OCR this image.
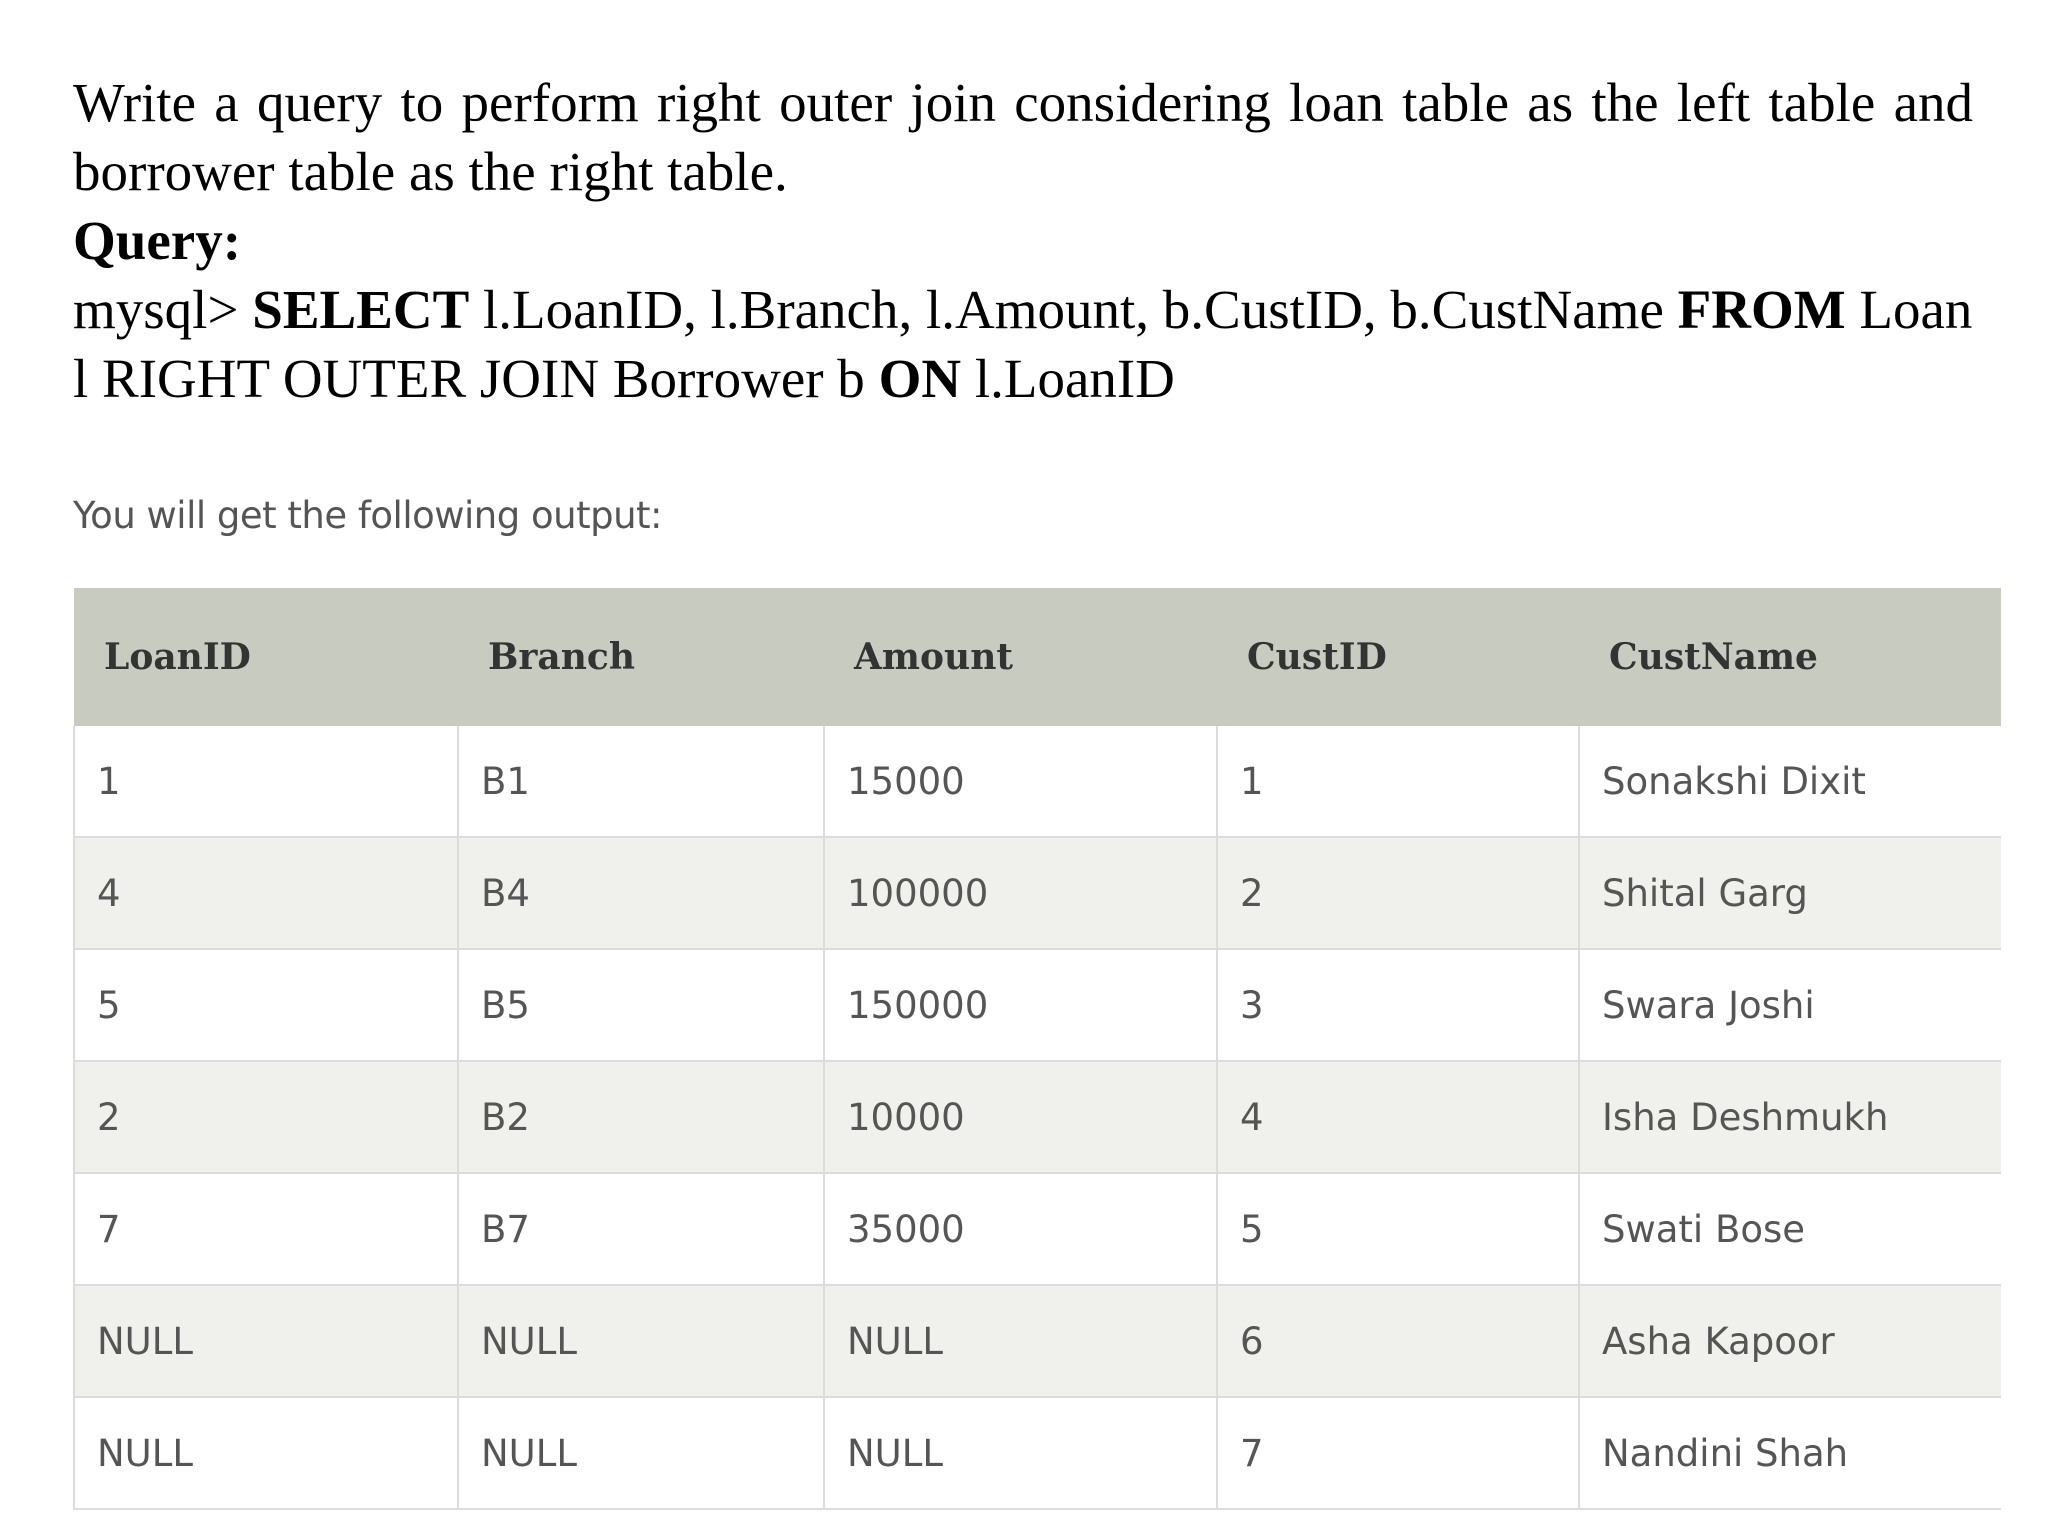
Write a query to perform right outer join considering loan table as the left table and borrower table as the right table.

Query:

mysql> SELECT l.LoanID, l.Branch, l.Amount, b.CustID, b.CustName FROM Loan l RIGHT OUTER JOIN Borrower b ON l.LoanID

You will get the following output:

LoanID	Branch	Amount	CustID	CustName
1	B1	15000	1	Sonakshi Dixit
4	B4	100000	2	Shital Garg
5	B5	150000	3	Swara Joshi
2	B2	10000	4	Isha Deshmukh
7	B7	35000	5	Swati Bose
NULL	NULL	NULL	6	Asha Kapoor
NULL	NULL	NULL	7	Nandini Shah
